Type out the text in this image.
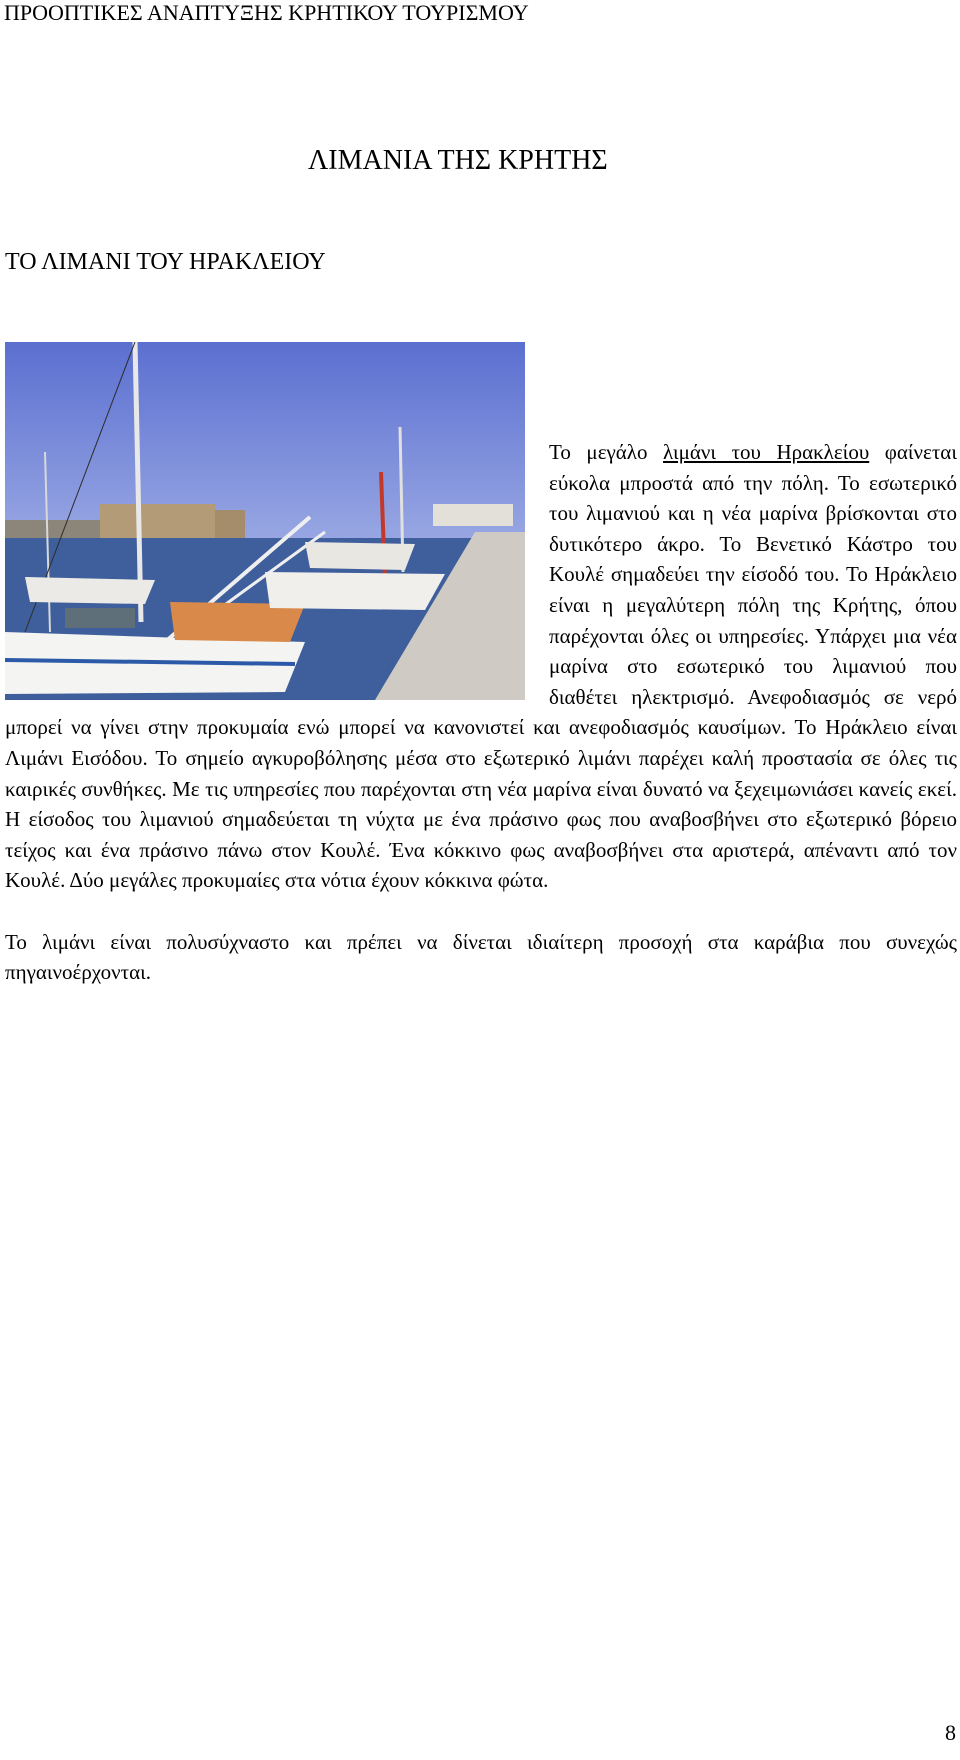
ΠΡΟΟΠΤΙΚΕΣ ΑΝΑΠΤΥΞΗΣ ΚΡΗΤΙΚΟΥ ΤΟΥΡΙΣΜΟΥ
ΛΙΜΑΝΙΑ ΤΗΣ ΚΡΗΤΗΣ
ΤΟ ΛΙΜΑΝΙ ΤΟΥ ΗΡΑΚΛΕΙΟΥ

Το μεγάλο λιμάνι του Ηρακλείου φαίνεται εύκολα μπροστά από την πόλη. Το εσωτερικό του λιμανιού και η νέα μαρίνα βρίσκονται στο δυτικότερο άκρο. Το Βενετικό Κάστρο του Κουλέ σημαδεύει την είσοδό του. Το Ηράκλειο είναι η μεγαλύτερη πόλη της Κρήτης, όπου παρέχονται όλες οι υπηρεσίες. Υπάρχει μια νέα μαρίνα στο εσωτερικό του λιμανιού που διαθέτει ηλεκτρισμό. Ανεφοδιασμός σε νερό μπορεί να γίνει στην προκυμαία ενώ μπορεί να κανονιστεί και ανεφοδιασμός καυσίμων. Το Ηράκλειο είναι Λιμάνι Εισόδου. Το σημείο αγκυροβόλησης μέσα στο εξωτερικό λιμάνι παρέχει καλή προστασία σε όλες τις καιρικές συνθήκες. Με τις υπηρεσίες που παρέχονται στη νέα μαρίνα είναι δυνατό να ξεχειμωνιάσει κανείς εκεί. Η είσοδος του λιμανιού σημαδεύεται τη νύχτα με ένα πράσινο φως που αναβοσβήνει στο εξωτερικό βόρειο τείχος και ένα πράσινο πάνω στον Κουλέ. Ένα κόκκινο φως αναβοσβήνει στα αριστερά, απέναντι από τον Κουλέ. Δύο μεγάλες προκυμαίες στα νότια έχουν κόκκινα φώτα.

Το λιμάνι είναι πολυσύχναστο και πρέπει να δίνεται ιδιαίτερη προσοχή στα καράβια που συνεχώς πηγαινοέρχονται.

8
